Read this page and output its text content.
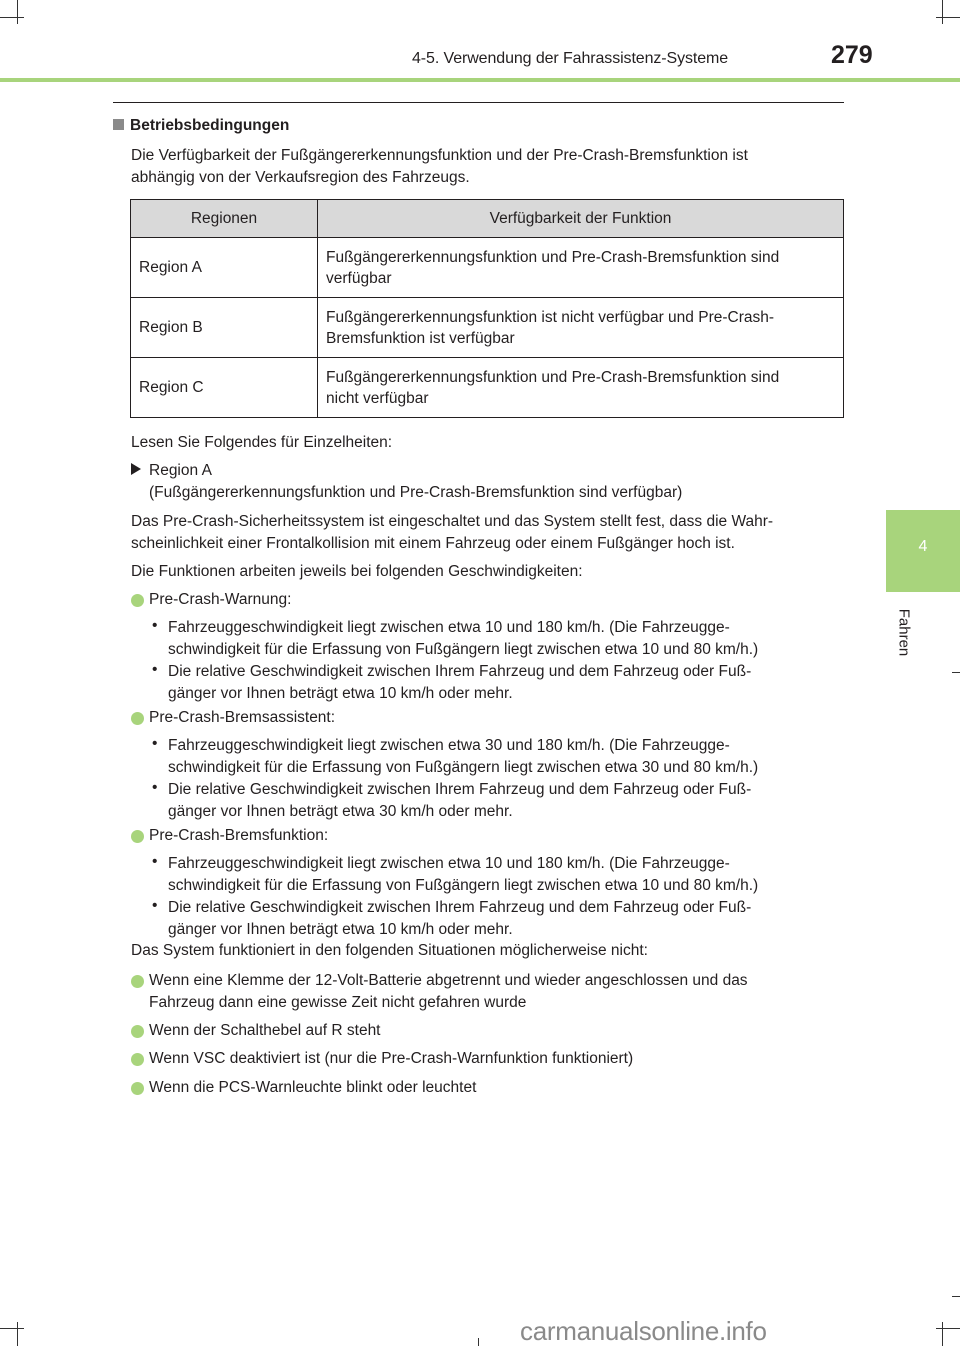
4-5. Verwendung der Fahrassistenz-Systeme	279
4
Fahren
Betriebsbedingungen
Die Verfügbarkeit der Fußgängererkennungsfunktion und der Pre-Crash-Bremsfunktion ist
abhängig von der Verkaufsregion des Fahrzeugs.
Regionen	Verfügbarkeit der Funktion
Region A	Fußgängererkennungsfunktion und Pre-Crash-Bremsfunktion sind
verfügbar

Region B	Fußgängererkennungsfunktion ist nicht verfügbar und Pre-Crash-
Bremsfunktion ist verfügbar

Region C	Fußgängererkennungsfunktion und Pre-Crash-Bremsfunktion sind
nicht verfügbar
Lesen Sie Folgendes für Einzelheiten:
Region A
(Fußgängererkennungsfunktion und Pre-Crash-Bremsfunktion sind verfügbar)
Das Pre-Crash-Sicherheitssystem ist eingeschaltet und das System stellt fest, dass die Wahr-
scheinlichkeit einer Frontalkollision mit einem Fahrzeug oder einem Fußgänger hoch ist.
Die Funktionen arbeiten jeweils bei folgenden Geschwindigkeiten:
Pre-Crash-Warnung:
• Fahrzeuggeschwindigkeit liegt zwischen etwa 10 und 180 km/h. (Die Fahrzeugge-
schwindigkeit für die Erfassung von Fußgängern liegt zwischen etwa 10 und 80 km/h.)
• Die relative Geschwindigkeit zwischen Ihrem Fahrzeug und dem Fahrzeug oder Fuß-
gänger vor Ihnen beträgt etwa 10 km/h oder mehr.
Pre-Crash-Bremsassistent:
• Fahrzeuggeschwindigkeit liegt zwischen etwa 30 und 180 km/h. (Die Fahrzeugge-
schwindigkeit für die Erfassung von Fußgängern liegt zwischen etwa 30 und 80 km/h.)
• Die relative Geschwindigkeit zwischen Ihrem Fahrzeug und dem Fahrzeug oder Fuß-
gänger vor Ihnen beträgt etwa 30 km/h oder mehr.
Pre-Crash-Bremsfunktion:
• Fahrzeuggeschwindigkeit liegt zwischen etwa 10 und 180 km/h. (Die Fahrzeugge-
schwindigkeit für die Erfassung von Fußgängern liegt zwischen etwa 10 und 80 km/h.)
• Die relative Geschwindigkeit zwischen Ihrem Fahrzeug und dem Fahrzeug oder Fuß-
gänger vor Ihnen beträgt etwa 10 km/h oder mehr.
Das System funktioniert in den folgenden Situationen möglicherweise nicht:
Wenn eine Klemme der 12-Volt-Batterie abgetrennt und wieder angeschlossen und das
Fahrzeug dann eine gewisse Zeit nicht gefahren wurde
Wenn der Schalthebel auf R steht
Wenn VSC deaktiviert ist (nur die Pre-Crash-Warnfunktion funktioniert)
Wenn die PCS-Warnleuchte blinkt oder leuchtet
carmanualsonline.info
